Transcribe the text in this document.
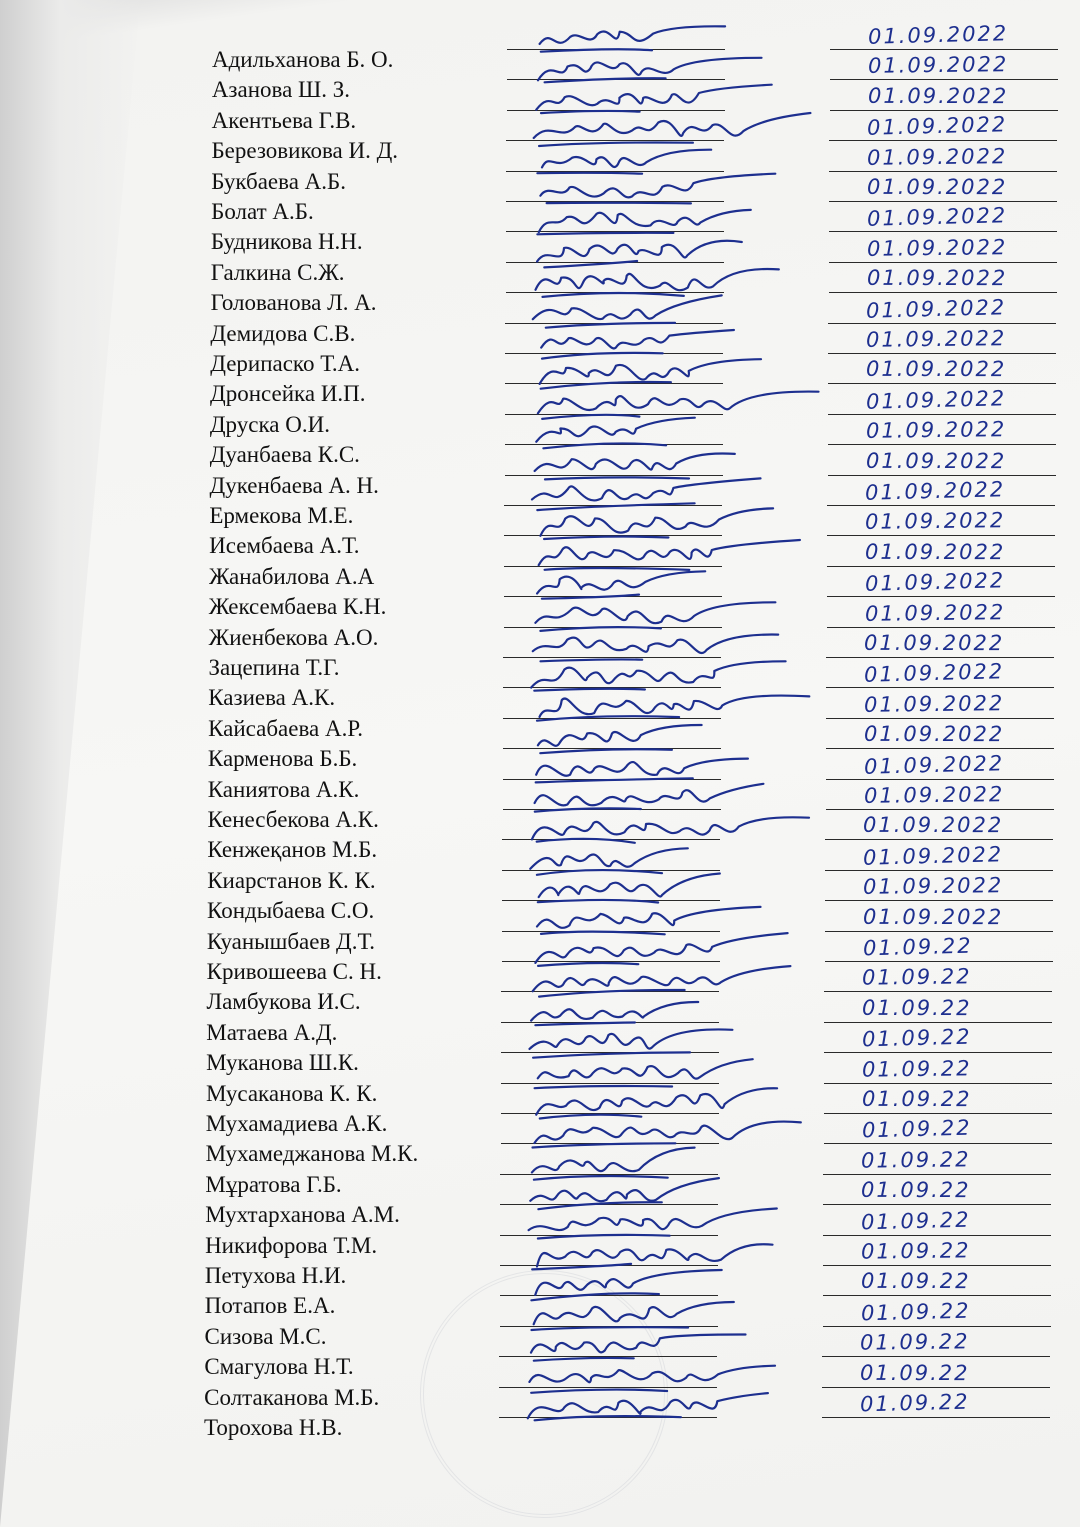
Адильханова Б. О.
01.09.2022
Азанова Ш. З.
01.09.2022
Акентьева Г.В.
01.09.2022
Березовикова И. Д.
01.09.2022
Букбаева А.Б.
01.09.2022
Болат А.Б.
01.09.2022
Будникова Н.Н.
01.09.2022
Галкина С.Ж.
01.09.2022
Голованова Л. А.
01.09.2022
Демидова С.В.
01.09.2022
Дерипаско Т.А.
01.09.2022
Дронсейка И.П.
01.09.2022
Друска О.И.
01.09.2022
Дуанбаева К.С.
01.09.2022
Дукенбаева А. Н.
01.09.2022
Ермекова М.Е.
01.09.2022
Исембаева А.Т.
01.09.2022
Жанабилова А.А
01.09.2022
Жексембаева К.Н.
01.09.2022
Жиенбекова А.О.
01.09.2022
Зацепина Т.Г.
01.09.2022
Казиева А.К.
01.09.2022
Кайсабаева А.Р.
01.09.2022
Карменова Б.Б.
01.09.2022
Каниятова А.К.
01.09.2022
Кенесбекова А.К.
01.09.2022
Кенжеқанов М.Б.
01.09.2022
Киарстанов К. К.
01.09.2022
Кондыбаева С.О.
01.09.2022
Куанышбаев Д.Т.
01.09.2022
Кривошеева С. Н.
01.09.22
Ламбукова И.С.
01.09.22
Матаева А.Д.
01.09.22
Муканова Ш.К.
01.09.22
Мусаканова К. К.
01.09.22
Мухамадиева А.К.
01.09.22
Мухамеджанова М.К.
01.09.22
Мұратова Г.Б.
01.09.22
Мухтарханова А.М.
01.09.22
Никифорова Т.М.
01.09.22
Петухова Н.И.
01.09.22
Потапов Е.А.
01.09.22
Сизова М.С.
01.09.22
Смагулова Н.Т.
01.09.22
Солтаканова М.Б.
01.09.22
Торохова Н.В.
01.09.22
